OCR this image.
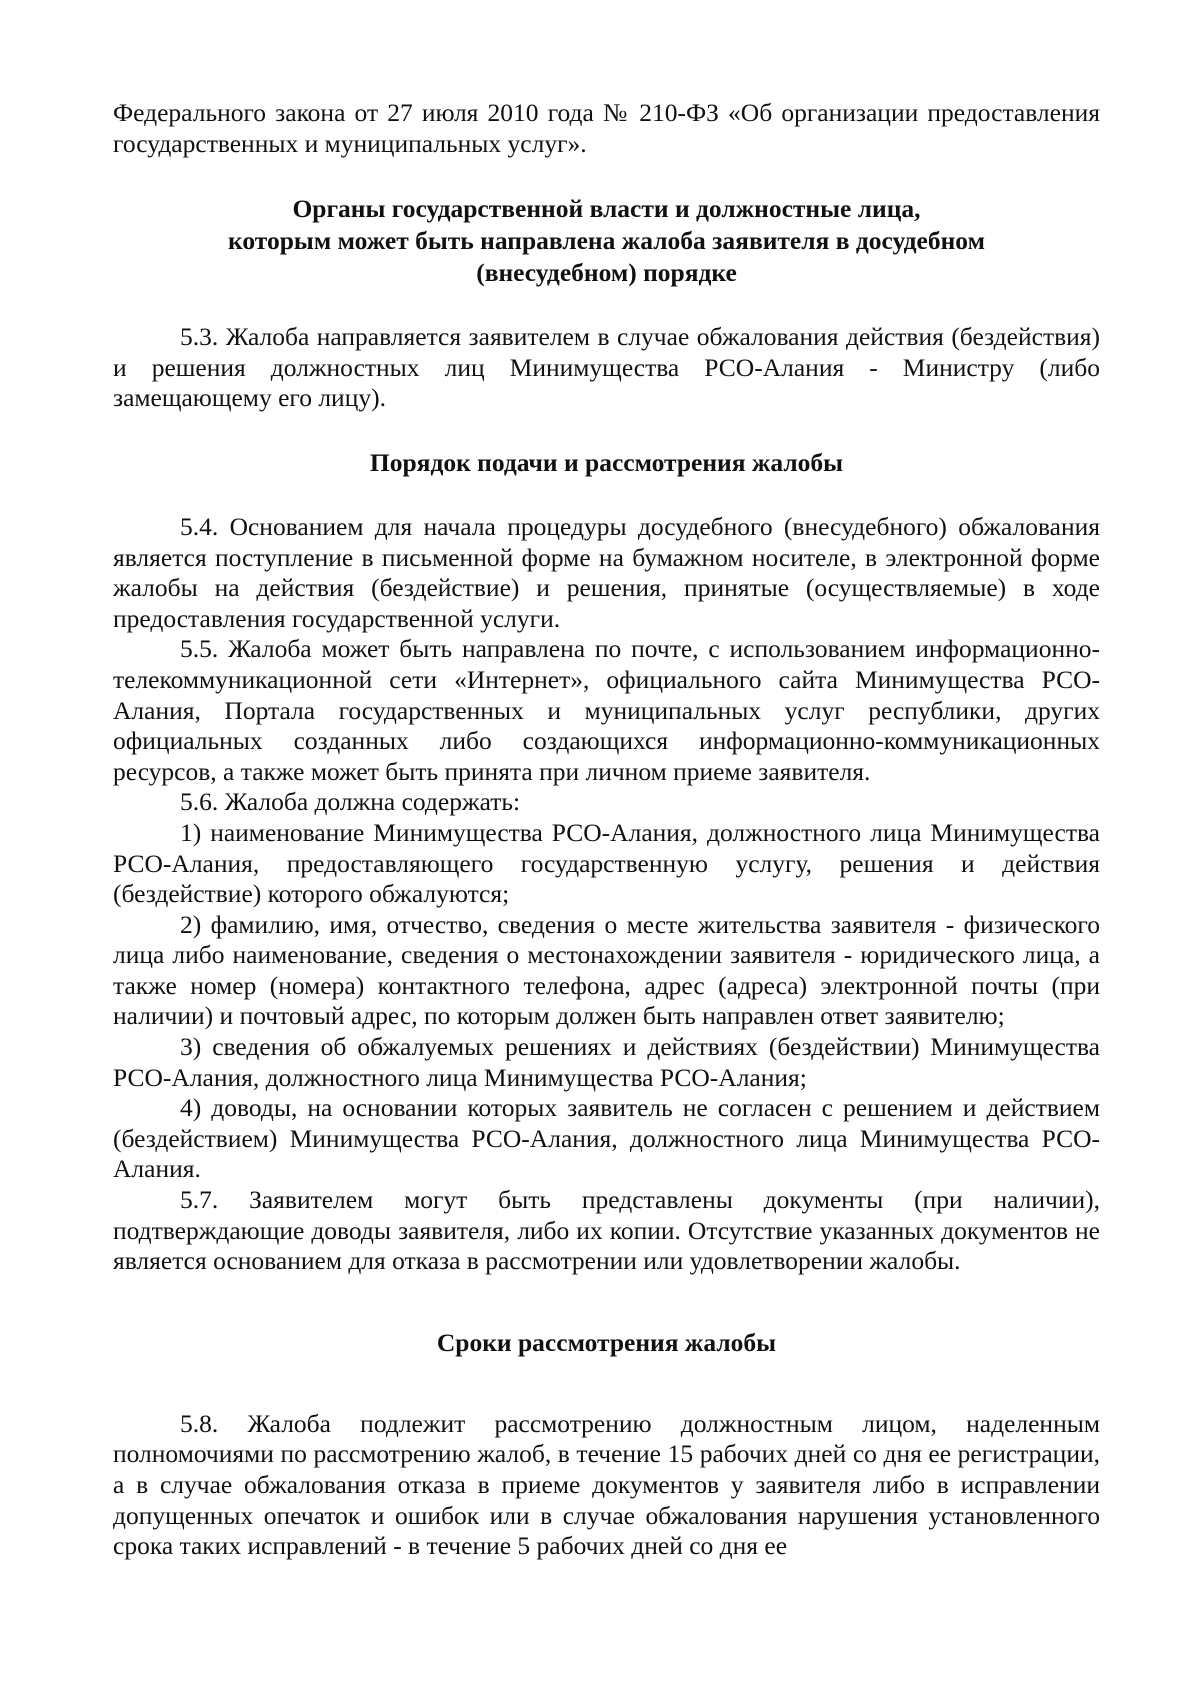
Федерального закона от 27 июля 2010 года № 210-ФЗ «Об организации предоставления государственных и муниципальных услуг».

Органы государственной власти и должностные лица,
которым может быть направлена жалоба заявителя в досудебном
(внесудебном) порядке

5.3. Жалоба направляется заявителем в случае обжалования действия (бездействия) и решения должностных лиц Минимущества РСО-Алания - Министру (либо замещающему его лицу).

Порядок подачи и рассмотрения жалобы

5.4. Основанием для начала процедуры досудебного (внесудебного) обжалования является поступление в письменной форме на бумажном носителе, в электронной форме жалобы на действия (бездействие) и решения, принятые (осуществляемые) в ходе предоставления государственной услуги.

5.5. Жалоба может быть направлена по почте, с использованием информационно-телекоммуникационной сети «Интернет», официального сайта Минимущества РСО-Алания, Портала государственных и муниципальных услуг республики, других официальных созданных либо создающихся информационно-коммуникационных ресурсов, а также может быть принята при личном приеме заявителя.

5.6. Жалоба должна содержать:

1) наименование Минимущества РСО-Алания, должностного лица Минимущества РСО-Алания, предоставляющего государственную услугу, решения и действия (бездействие) которого обжалуются;

2) фамилию, имя, отчество, сведения о месте жительства заявителя - физического лица либо наименование, сведения о местонахождении заявителя - юридического лица, а также номер (номера) контактного телефона, адрес (адреса) электронной почты (при наличии) и почтовый адрес, по которым должен быть направлен ответ заявителю;

3) сведения об обжалуемых решениях и действиях (бездействии) Минимущества РСО-Алания, должностного лица Минимущества РСО-Алания;

4) доводы, на основании которых заявитель не согласен с решением и действием (бездействием) Минимущества РСО-Алания, должностного лица Минимущества РСО-Алания.

5.7. Заявителем могут быть представлены документы (при наличии), подтверждающие доводы заявителя, либо их копии. Отсутствие указанных документов не является основанием для отказа в рассмотрении или удовлетворении жалобы.

Сроки рассмотрения жалобы

5.8. Жалоба подлежит рассмотрению должностным лицом, наделенным полномочиями по рассмотрению жалоб, в течение 15 рабочих дней со дня ее регистрации, а в случае обжалования отказа в приеме документов у заявителя либо в исправлении допущенных опечаток и ошибок или в случае обжалования нарушения установленного срока таких исправлений - в течение 5 рабочих дней со дня ее
